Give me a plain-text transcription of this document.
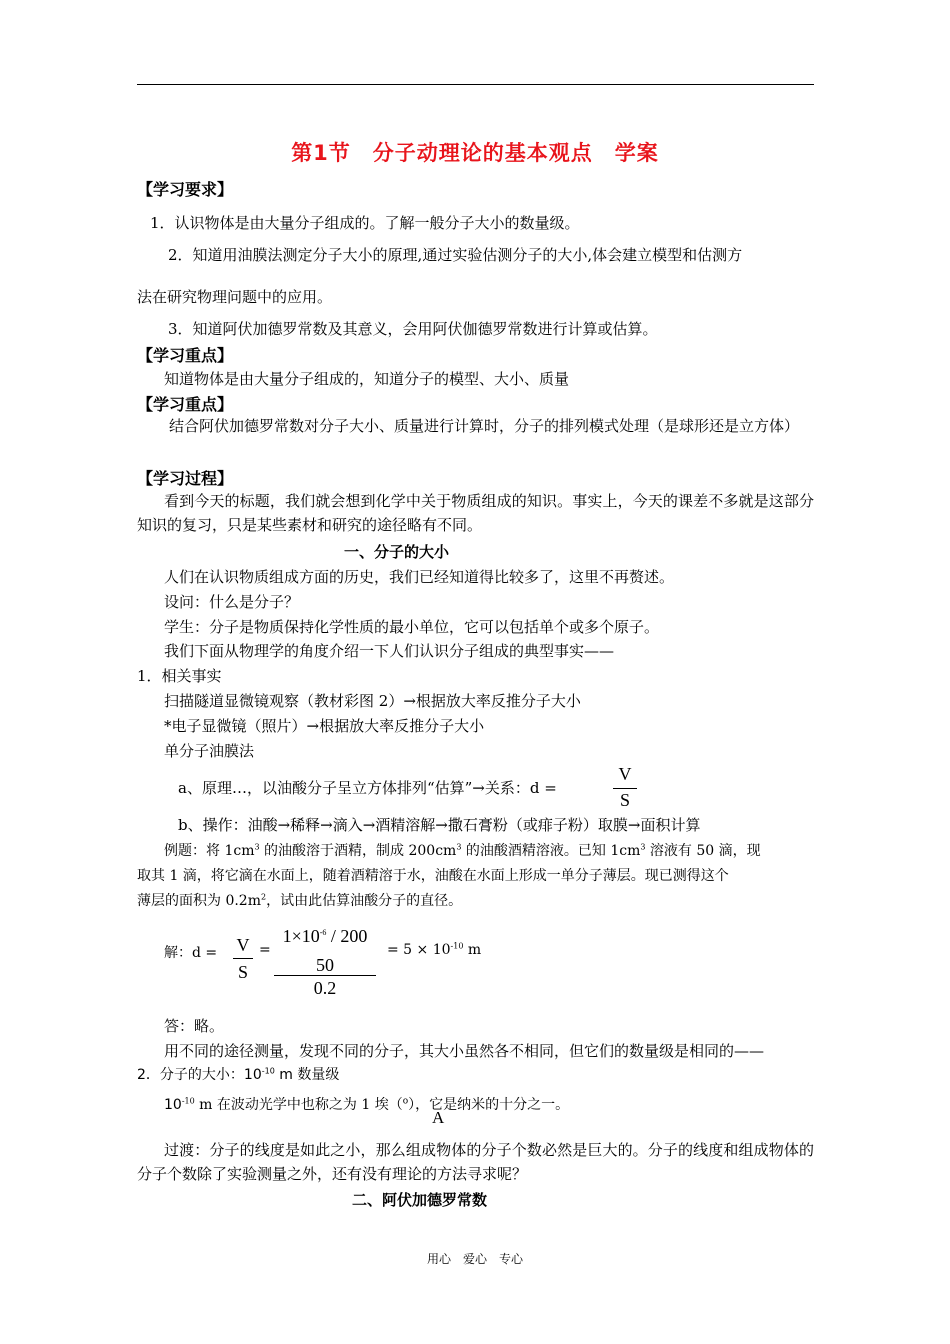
第1节　分子动理论的基本观点　学案
【学习要求】
1．认识物体是由大量分子组成的。了解一般分子大小的数量级。
2．知道用油膜法测定分子大小的原理,通过实验估测分子的大小,体会建立模型和估测方
法在研究物理问题中的应用。
3．知道阿伏加德罗常数及其意义，会用阿伏伽德罗常数进行计算或估算。
【学习重点】
知道物体是由大量分子组成的，知道分子的模型、大小、质量
【学习重点】
结合阿伏加德罗常数对分子大小、质量进行计算时，分子的排列模式处理（是球形还是立方体）
【学习过程】
看到今天的标题，我们就会想到化学中关于物质组成的知识。事实上，今天的课差不多就是这部分知识的复习，只是某些素材和研究的途径略有不同。
一、分子的大小
人们在认识物质组成方面的历史，我们已经知道得比较多了，这里不再赘述。
设问：什么是分子？
学生：分子是物质保持化学性质的最小单位，它可以包括单个或多个原子。
我们下面从物理学的角度介绍一下人们认识分子组成的典型事实——
1．相关事实
扫描隧道显微镜观察（教材彩图 2）→根据放大率反推分子大小
*电子显微镜（照片）→根据放大率反推分子大小
单分子油膜法
a、原理…，以油酸分子呈立方体排列“估算”→关系：d =
V
S
b、操作：油酸→稀释→滴入→酒精溶解→撒石膏粉（或痱子粉）取膜→面积计算
例题：将 $1cm^3$ 的油酸溶于酒精，制成 $200cm^3$ 的油酸酒精溶液。已知 $1cm^3$ 溶液有 50 滴，现
取其 1 滴，将它滴在水面上，随着酒精溶于水，油酸在水面上形成一单分子薄层。现已测得这个
薄层的面积为 $0.2m^2$，试由此估算油酸分子的直径。
解：d = V
S
=
$1\times 10^{-6} / 200$
50
0.2
= $5 \times 10^{-10}$ m
答：略。
用不同的途径测量，发现不同的分子，其大小虽然各不相同，但它们的数量级是相同的——
2．分子的大小：$10^{-10}$ m 数量级
$10^{-10}$ m 在波动光学中也称之为 1 埃（$^o$），它是纳米的十分之一。
A
过渡：分子的线度是如此之小，那么组成物体的分子个数必然是巨大的。分子的线度和组成物体的分子个数除了实验测量之外，还有没有理论的方法寻求呢？
二、阿伏加德罗常数
用心　爱心　专心
